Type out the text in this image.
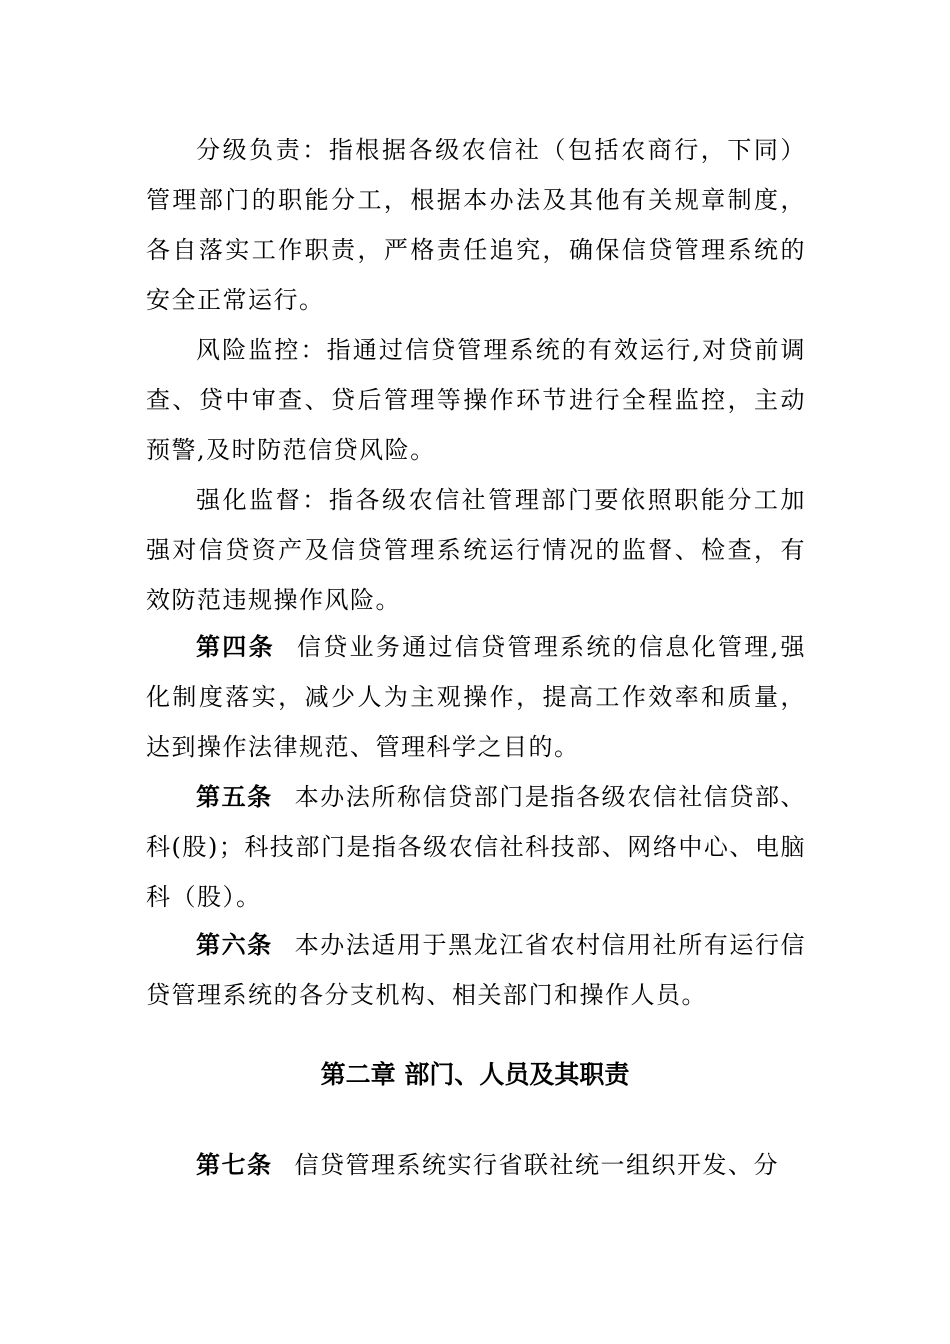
分级负责：指根据各级农信社（包括农商行，下同）管理部门的职能分工，根据本办法及其他有关规章制度，各自落实工作职责，严格责任追究，确保信贷管理系统的安全正常运行。

风险监控：指通过信贷管理系统的有效运行,对贷前调查、贷中审查、贷后管理等操作环节进行全程监控，主动预警,及时防范信贷风险。

强化监督：指各级农信社管理部门要依照职能分工加强对信贷资产及信贷管理系统运行情况的监督、检查，有效防范违规操作风险。

第四条 信贷业务通过信贷管理系统的信息化管理,强化制度落实，减少人为主观操作，提高工作效率和质量，达到操作法律规范、管理科学之目的。

第五条 本办法所称信贷部门是指各级农信社信贷部、科(股)；科技部门是指各级农信社科技部、网络中心、电脑科（股）。

第六条 本办法适用于黑龙江省农村信用社所有运行信贷管理系统的各分支机构、相关部门和操作人员。

第二章 部门、人员及其职责

第七条 信贷管理系统实行省联社统一组织开发、分
